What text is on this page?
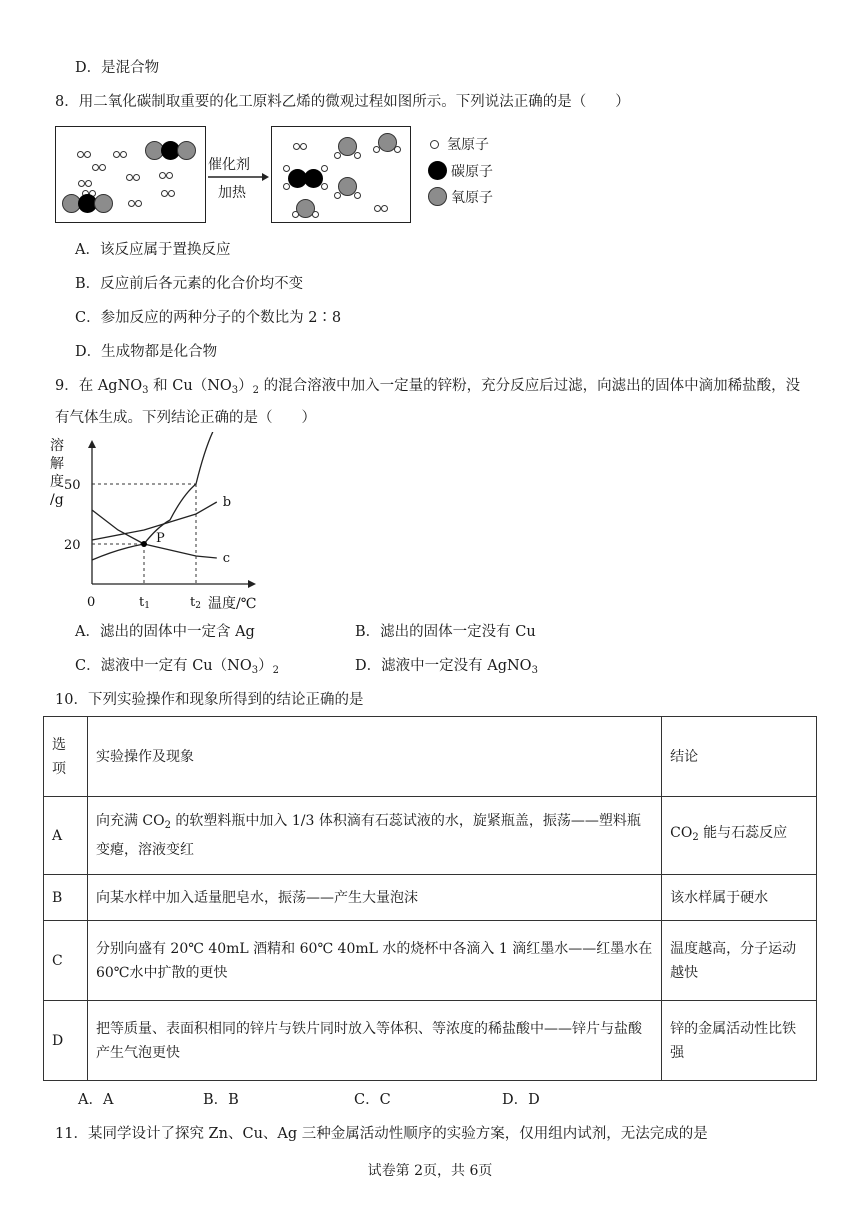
D．是混合物
8．用二氧化碳制取重要的化工原料乙烯的微观过程如图所示。下列说法正确的是（　　）
催化剂
加热
氢原子
碳原子
氧原子
A．该反应属于置换反应
B．反应前后各元素的化合价均不变
C．参加反应的两种分子的个数比为 2∶8
D．生成物都是化合物
9．在 AgNO$_3$ 和 $Cu(NO_3)_2$ 的混合溶液中加入一定量的锌粉，充分反应后过滤，向滤出的固体中滴加稀盐酸，没
有气体生成。下列结论正确的是（　　）
b
c
P
50
20
0	t1	t2 温度/℃
溶
解
度
/g
A．滤出的固体中一定含 Ag	B．滤出的固体一定没有 Cu
C．滤液中一定有 $Cu(NO_3)_2$	D．滤液中一定没有 AgNO$_3$
10．下列实验操作和现象所得到的结论正确的是
选
项	实验操作及现象	结论
A	向充满 $CO_2$ 的软塑料瓶中加入 1/3 体积滴有石蕊试液的水，旋紧瓶盖，振荡——塑料瓶变瘪，溶液变红	$CO_2$ 能与石蕊反应
B	向某水样中加入适量肥皂水，振荡——产生大量泡沫	该水样属于硬水
C	分别向盛有 20℃ 40mL 酒精和 60℃ 40mL 水的烧杯中各滴入 1 滴红墨水——红墨水在 60℃水中扩散的更快	温度越高，分子运动越快
D	把等质量、表面积相同的锌片与铁片同时放入等体积、等浓度的稀盐酸中——锌片与盐酸产生气泡更快	锌的金属活动性比铁强
A．A	B．B	C．C	D．D
11．某同学设计了探究 Zn、Cu、Ag 三种金属活动性顺序的实验方案，仅用组内试剂，无法完成的是
试卷第 2页，共 6页
